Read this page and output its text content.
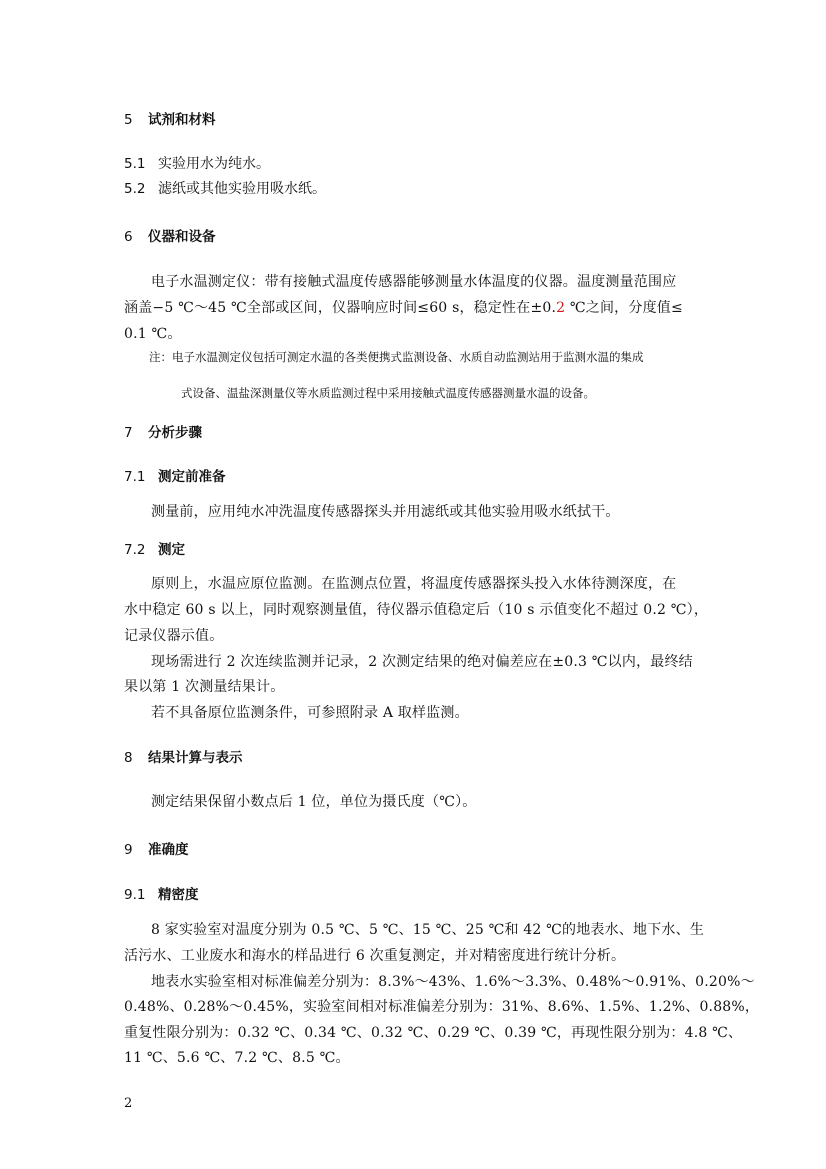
5 试剂和材料
5.1 实验用水为纯水。
5.2 滤纸或其他实验用吸水纸。
6 仪器和设备

电子水温测定仪：带有接触式温度传感器能够测量水体温度的仪器。温度测量范围应

涵盖−5 ℃～45 ℃全部或区间，仪器响应时间≤60 s，稳定性在±0.2 ℃之间，分度值≤

0.1 ℃。

注：电子水温测定仪包括可测定水温的各类便携式监测设备、水质自动监测站用于监测水温的集成

式设备、温盐深测量仪等水质监测过程中采用接触式温度传感器测量水温的设备。

7 分析步骤
7.1 测定前准备

测量前，应用纯水冲洗温度传感器探头并用滤纸或其他实验用吸水纸拭干。

7.2 测定

原则上，水温应原位监测。在监测点位置，将温度传感器探头投入水体待测深度，在

水中稳定 60 s 以上，同时观察测量值，待仪器示值稳定后（10 s 示值变化不超过 0.2 ℃），

记录仪器示值。

现场需进行 2 次连续监测并记录，2 次测定结果的绝对偏差应在±0.3 ℃以内，最终结

果以第 1 次测量结果计。

若不具备原位监测条件，可参照附录 A 取样监测。

8 结果计算与表示

测定结果保留小数点后 1 位，单位为摄氏度（℃）。

9 准确度
9.1 精密度

8 家实验室对温度分别为 0.5 ℃、5 ℃、15 ℃、25 ℃和 42 ℃的地表水、地下水、生

活污水、工业废水和海水的样品进行 6 次重复测定，并对精密度进行统计分析。

地表水实验室相对标准偏差分别为：8.3%～43%、1.6%～3.3%、0.48%～0.91%、0.20%～

0.48%、0.28%～0.45%，实验室间相对标准偏差分别为：31%、8.6%、1.5%、1.2%、0.88%，

重复性限分别为：0.32 ℃、0.34 ℃、0.32 ℃、0.29 ℃、0.39 ℃，再现性限分别为：4.8 ℃、

11 ℃、5.6 ℃、7.2 ℃、8.5 ℃。

2
